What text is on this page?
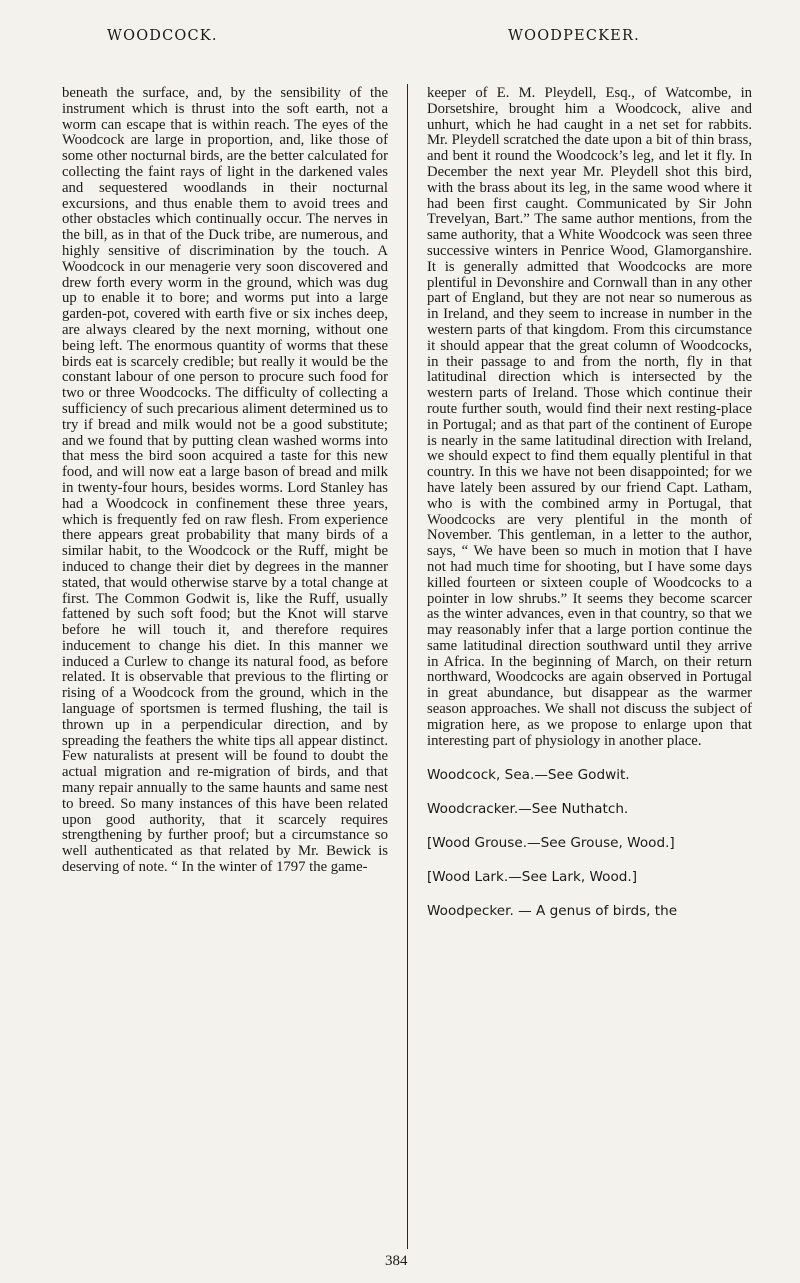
WOODCOCK.	WOODPECKER.

beneath the surface, and, by the sensibility of the instrument which is thrust into the soft earth, not a worm can escape that is within reach. The eyes of the Woodcock are large in proportion, and, like those of some other nocturnal birds, are the better calculated for collecting the faint rays of light in the darkened vales and sequestered woodlands in their nocturnal excursions, and thus enable them to avoid trees and other obstacles which continually occur. The nerves in the bill, as in that of the Duck tribe, are numerous, and highly sensitive of discrimination by the touch. A Woodcock in our menagerie very soon discovered and drew forth every worm in the ground, which was dug up to enable it to bore; and worms put into a large garden-pot, covered with earth five or six inches deep, are always cleared by the next morning, without one being left. The enormous quantity of worms that these birds eat is scarcely credible; but really it would be the constant labour of one person to procure such food for two or three Woodcocks. The difficulty of collecting a sufficiency of such precarious aliment determined us to try if bread and milk would not be a good substitute; and we found that by putting clean washed worms into that mess the bird soon acquired a taste for this new food, and will now eat a large bason of bread and milk in twenty-four hours, besides worms. Lord Stanley has had a Woodcock in confinement these three years, which is frequently fed on raw flesh. From experience there appears great probability that many birds of a similar habit, to the Woodcock or the Ruff, might be induced to change their diet by degrees in the manner stated, that would otherwise starve by a total change at first. The Common Godwit is, like the Ruff, usually fattened by such soft food; but the Knot will starve before he will touch it, and therefore requires inducement to change his diet. In this manner we induced a Curlew to change its natural food, as before related. It is observable that previous to the flirting or rising of a Woodcock from the ground, which in the language of sportsmen is termed flushing, the tail is thrown up in a perpendicular direction, and by spreading the feathers the white tips all appear distinct. Few naturalists at present will be found to doubt the actual migration and re-migration of birds, and that many repair annually to the same haunts and same nest to breed. So many instances of this have been related upon good authority, that it scarcely requires strengthening by further proof; but a circumstance so well authenticated as that related by Mr. Bewick is deserving of note. “ In the winter of 1797 the game-

keeper of E. M. Pleydell, Esq., of Watcombe, in Dorsetshire, brought him a Woodcock, alive and unhurt, which he had caught in a net set for rabbits. Mr. Pleydell scratched the date upon a bit of thin brass, and bent it round the Woodcock’s leg, and let it fly. In December the next year Mr. Pleydell shot this bird, with the brass about its leg, in the same wood where it had been first caught. Communicated by Sir John Trevelyan, Bart.” The same author mentions, from the same authority, that a White Woodcock was seen three successive winters in Penrice Wood, Glamorganshire. It is generally admitted that Woodcocks are more plentiful in Devonshire and Cornwall than in any other part of England, but they are not near so numerous as in Ireland, and they seem to increase in number in the western parts of that kingdom. From this circumstance it should appear that the great column of Woodcocks, in their passage to and from the north, fly in that latitudinal direction which is intersected by the western parts of Ireland. Those which continue their route further south, would find their next resting-place in Portugal; and as that part of the continent of Europe is nearly in the same latitudinal direction with Ireland, we should expect to find them equally plentiful in that country. In this we have not been disappointed; for we have lately been assured by our friend Capt. Latham, who is with the combined army in Portugal, that Woodcocks are very plentiful in the month of November. This gentleman, in a letter to the author, says, “ We have been so much in motion that I have not had much time for shooting, but I have some days killed fourteen or sixteen couple of Woodcocks to a pointer in low shrubs.” It seems they become scarcer as the winter advances, even in that country, so that we may reasonably infer that a large portion continue the same latitudinal direction southward until they arrive in Africa. In the beginning of March, on their return northward, Woodcocks are again observed in Portugal in great abundance, but disappear as the warmer season approaches. We shall not discuss the subject of migration here, as we propose to enlarge upon that interesting part of physiology in another place.

Woodcock, Sea.—See Godwit.
Woodcracker.—See Nuthatch.
[Wood Grouse.—See Grouse, Wood.]
[Wood Lark.—See Lark, Wood.]
Woodpecker. — A genus of birds, the
384
